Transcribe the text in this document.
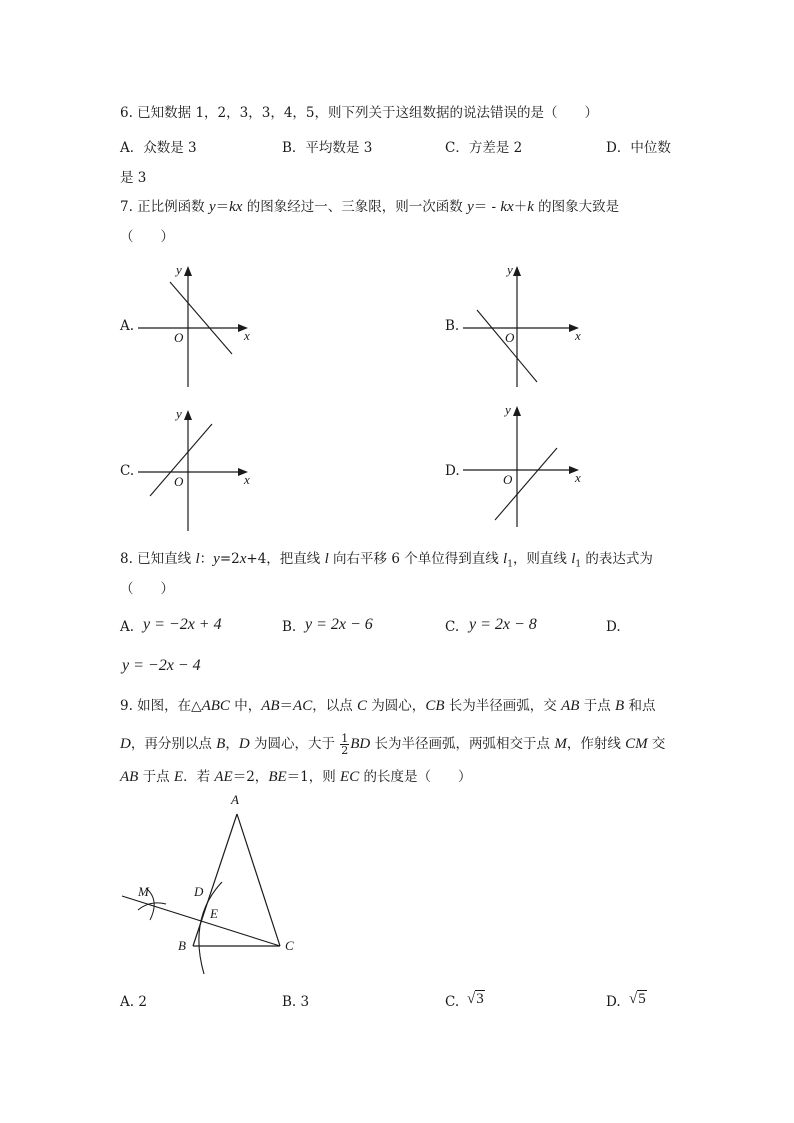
6. 已知数据 1，2，3，3，4，5，则下列关于这组数据的说法错误的是（　　）
A．众数是 3	B．平均数是 3	C．方差是 2	D．中位数
是 3
7. 正比例函数 y＝kx 的图象经过一、三象限，则一次函数 y＝ - kx＋k 的图象大致是
（　　）
A.	B.
C.	D.
x
y
O	x
y
O
x
y
O	x
y
O
8. 已知直线 l：y=2x+4，把直线 l 向右平移 6 个单位得到直线 $l_1$，则直线 $l_1$ 的表达式为
（　　）
A. y = −2x + 4	B. y = 2x − 6	C. y = 2x − 8	D.
y = −2x − 4
9. 如图，在△ABC 中，AB＝AC，以点 C 为圆心，CB 长为半径画弧，交 AB 于点 B 和点
D，再分别以点 B，D 为圆心，大于 $\frac{1}{2}$ BD 长为半径画弧，两弧相交于点 M，作射线 CM 交
AB 于点 E．若 AE＝2，BE＝1，则 EC 的长度是（　　）
A
B	C
D
E
M
A. 2	B. 3	C. √3	D. √5
